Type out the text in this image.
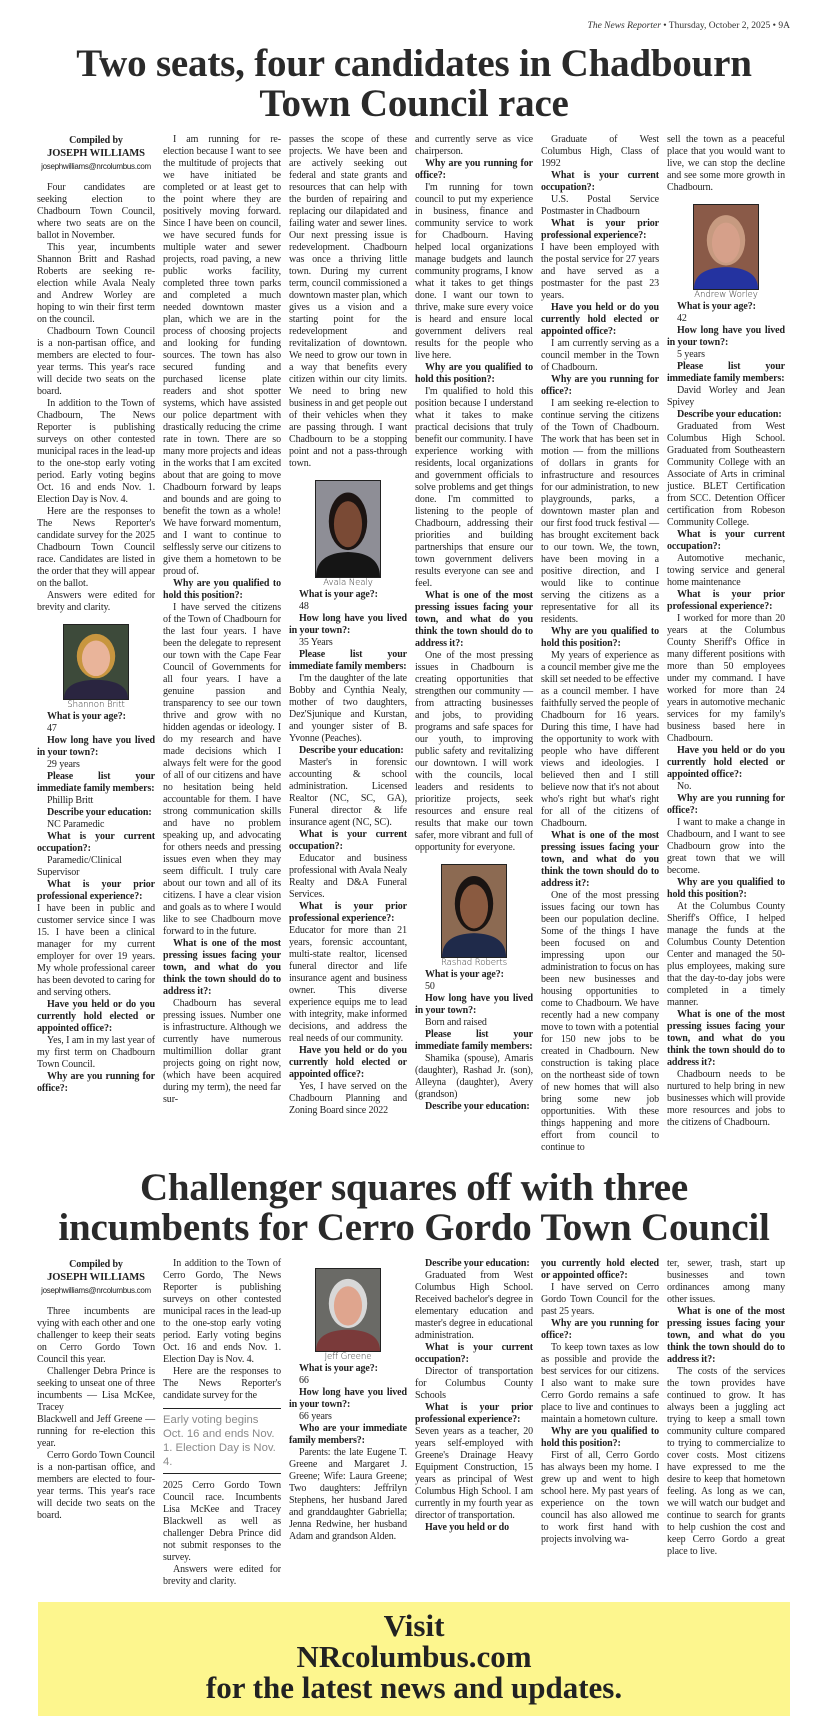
The News Reporter • Thursday, October 2, 2025 • 9A
Two seats, four candidates in Chadbourn
Town Council race
Compiled by
JOSEPH WILLIAMS
josephwilliams@nrcolumbus.com

Four candidates are seeking election to Chadbourn Town Council, where two seats are on the ballot in November.

This year, incumbents Shannon Britt and Rashad Roberts are seeking re-election while Avala Nealy and Andrew Worley are hoping to win their first term on the council.

Chadbourn Town Council is a non-partisan office, and members are elected to four-year terms. This year's race will decide two seats on the board.

In addition to the Town of Chadbourn, The News Reporter is publishing surveys on other contested municipal races in the lead-up to the one-stop early voting period. Early voting begins Oct. 16 and ends Nov. 1. Election Day is Nov. 4.

Here are the responses to The News Reporter's candidate survey for the 2025 Chadbourn Town Council race. Candidates are listed in the order that they will appear on the ballot.

Answers were edited for brevity and clarity.

Shannon Britt

What is your age?:

47

How long have you lived in your town?:

29 years

Please list your immediate family members:

Phillip Britt

Describe your education:

NC Paramedic

What is your current occupation?:

Paramedic/Clinical Supervisor

What is your prior professional experience?:

I have been in public and customer service since I was 15. I have been a clinical manager for my current employer for over 19 years. My whole professional career has been devoted to caring for and serving others.

Have you held or do you currently hold elected or appointed office?:

Yes, I am in my last year of my first term on Chadbourn Town Council.

Why are you running for office?:

I am running for re-election because I want to see the multitude of projects that we have initiated be completed or at least get to the point where they are positively moving forward. Since I have been on council, we have secured funds for multiple water and sewer projects, road paving, a new public works facility, completed three town parks and completed a much needed downtown master plan, which we are in the process of choosing projects and looking for funding sources. The town has also secured funding and purchased license plate readers and shot spotter systems, which have assisted our police department with drastically reducing the crime rate in town. There are so many more projects and ideas in the works that I am excited about that are going to move Chadbourn forward by leaps and bounds and are going to benefit the town as a whole! We have forward momentum, and I want to continue to selflessly serve our citizens to give them a hometown to be proud of.

Why are you qualified to hold this position?:

I have served the citizens of the Town of Chadbourn for the last four years. I have been the delegate to represent our town with the Cape Fear Council of Governments for all four years. I have a genuine passion and transparency to see our town thrive and grow with no hidden agendas or ideology. I do my research and have made decisions which I always felt were for the good of all of our citizens and have no hesitation being held accountable for them. I have strong communication skills and have no problem speaking up, and advocating for others needs and pressing issues even when they may seem difficult. I truly care about our town and all of its citizens. I have a clear vision and goals as to where I would like to see Chadbourn move forward to in the future.

What is one of the most pressing issues facing your town, and what do you think the town should do to address it?:

Chadbourn has several pressing issues. Number one is infrastructure. Although we currently have numerous multimillion dollar grant projects going on right now, (which have been acquired during my term), the need far sur-

passes the scope of these projects. We have been and are actively seeking out federal and state grants and resources that can help with the burden of repairing and replacing our dilapidated and failing water and sewer lines. Our next pressing issue is redevelopment. Chadbourn was once a thriving little town. During my current term, council commissioned a downtown master plan, which gives us a vision and a starting point for the redevelopment and revitalization of downtown. We need to grow our town in a way that benefits every citizen within our city limits. We need to bring new business in and get people out of their vehicles when they are passing through. I want Chadbourn to be a stopping point and not a pass-through town.

Avala Nealy

What is your age?:

48

How long have you lived in your town?:

35 Years

Please list your immediate family members:

I'm the daughter of the late Bobby and Cynthia Nealy, mother of two daughters, Dez'Sjunique and Kurstan, and younger sister of B. Yvonne (Peaches).

Describe your education:

Master's in forensic accounting & school administration. Licensed Realtor (NC, SC, GA), Funeral director & life insurance agent (NC, SC).

What is your current occupation?:

Educator and business professional with Avala Nealy Realty and D&A Funeral Services.

What is your prior professional experience?:

Educator for more than 21 years, forensic accountant, multi-state realtor, licensed funeral director and life insurance agent and business owner. This diverse experience equips me to lead with integrity, make informed decisions, and address the real needs of our community.

Have you held or do you currently hold elected or appointed office?:

Yes, I have served on the Chadbourn Planning and Zoning Board since 2022

and currently serve as vice chairperson.

Why are you running for office?:

I'm running for town council to put my experience in business, finance and community service to work for Chadbourn. Having helped local organizations manage budgets and launch community programs, I know what it takes to get things done. I want our town to thrive, make sure every voice is heard and ensure local government delivers real results for the people who live here.

Why are you qualified to hold this position?:

I'm qualified to hold this position because I understand what it takes to make practical decisions that truly benefit our community. I have experience working with residents, local organizations and government officials to solve problems and get things done. I'm committed to listening to the people of Chadbourn, addressing their priorities and building partnerships that ensure our town government delivers results everyone can see and feel.

What is one of the most pressing issues facing your town, and what do you think the town should do to address it?:

One of the most pressing issues in Chadbourn is creating opportunities that strengthen our community — from attracting businesses and jobs, to providing programs and safe spaces for our youth, to improving public safety and revitalizing our downtown. I will work with the councils, local leaders and residents to prioritize projects, seek resources and ensure real results that make our town safer, more vibrant and full of opportunity for everyone.

Rashad Roberts

What is your age?:

50

How long have you lived in your town?:

Born and raised

Please list your immediate family members:

Shamika (spouse), Amaris (daughter), Rashad Jr. (son), Alleyna (daughter), Avery (grandson)

Describe your education:

Graduate of West Columbus High, Class of 1992

What is your current occupation?:

U.S. Postal Service Postmaster in Chadbourn

What is your prior professional experience?:

I have been employed with the postal service for 27 years and have served as a postmaster for the past 23 years.

Have you held or do you currently hold elected or appointed office?:

I am currently serving as a council member in the Town of Chadbourn.

Why are you running for office?:

I am seeking re-election to continue serving the citizens of the Town of Chadbourn. The work that has been set in motion — from the millions of dollars in grants for infrastructure and resources for our administration, to new playgrounds, parks, a downtown master plan and our first food truck festival — has brought excitement back to our town. We, the town, have been moving in a positive direction, and I would like to continue serving the citizens as a representative for all its residents.

Why are you qualified to hold this position?:

My years of experience as a council member give me the skill set needed to be effective as a council member. I have faithfully served the people of Chadbourn for 16 years. During this time, I have had the opportunity to work with people who have different views and ideologies. I believed then and I still believe now that it's not about who's right but what's right for all of the citizens of Chadbourn.

What is one of the most pressing issues facing your town, and what do you think the town should do to address it?:

One of the most pressing issues facing our town has been our population decline. Some of the things I have been focused on and impressing upon our administration to focus on has been new businesses and housing opportunities to come to Chadbourn. We have recently had a new company move to town with a potential for 150 new jobs to be created in Chadbourn. New construction is taking place on the northeast side of town of new homes that will also bring some new job opportunities. With these things happening and more effort from council to continue to

sell the town as a peaceful place that you would want to live, we can stop the decline and see some more growth in Chadbourn.

Andrew Worley

What is your age?:

42

How long have you lived in your town?:

5 years

Please list your immediate family members:

David Worley and Jean Spivey

Describe your education:

Graduated from West Columbus High School. Graduated from Southeastern Community College with an Associate of Arts in criminal justice. BLET Certification from SCC. Detention Officer certification from Robeson Community College.

What is your current occupation?:

Automotive mechanic, towing service and general home maintenance

What is your prior professional experience?:

I worked for more than 20 years at the Columbus County Sheriff's Office in many different positions with more than 50 employees under my command. I have worked for more than 24 years in automotive mechanic services for my family's business based here in Chadbourn.

Have you held or do you currently hold elected or appointed office?:

No.

Why are you running for office?:

I want to make a change in Chadbourn, and I want to see Chadbourn grow into the great town that we will become.

Why are you qualified to hold this position?:

At the Columbus County Sheriff's Office, I helped manage the funds at the Columbus County Detention Center and managed the 50-plus employees, making sure that the day-to-day jobs were completed in a timely manner.

What is one of the most pressing issues facing your town, and what do you think the town should do to address it?:

Chadbourn needs to be nurtured to help bring in new businesses which will provide more resources and jobs to the citizens of Chadbourn.

Challenger squares off with three
incumbents for Cerro Gordo Town Council
Compiled by
JOSEPH WILLIAMS
josephwilliams@nrcolumbus.com

Three incumbents are vying with each other and one challenger to keep their seats on Cerro Gordo Town Council this year.

Challenger Debra Prince is seeking to unseat one of three incumbents — Lisa McKee, Tracey

Blackwell and Jeff Greene — running for re-election this year.

Cerro Gordo Town Council is a non-partisan office, and members are elected to four-year terms. This year's race will decide two seats on the board.

In addition to the Town of Cerro Gordo, The News Reporter is publishing surveys on other contested municipal races in the lead-up to the one-stop early voting period. Early voting begins Oct. 16 and ends Nov. 1. Election Day is Nov. 4.

Here are the responses to The News Reporter's candidate survey for the

Early voting begins Oct. 16 and ends Nov. 1. Election Day is Nov. 4.

2025 Cerro Gordo Town Council race. Incumbents Lisa McKee and Tracey Blackwell as well as challenger Debra Prince did not submit responses to the survey.

Answers were edited for brevity and clarity.

Jeff Greene

What is your age?:

66

How long have you lived in your town?:

66 years

Who are your immediate family members?:

Parents: the late Eugene T. Greene and Margaret J. Greene; Wife: Laura Greene; Two daughters: Jeffrilyn Stephens, her husband Jared and granddaughter Gabriella; Jenna Redwine, her husband Adam and grandson Alden.

Describe your education:

Graduated from West Columbus High School. Received bachelor's degree in elementary education and master's degree in educational administration.

What is your current occupation?:

Director of transportation for Columbus County Schools

What is your prior professional experience?:

Seven years as a teacher, 20 years self-employed with Greene's Drainage Heavy Equipment Construction, 15 years as principal of West Columbus High School. I am currently in my fourth year as director of transportation.

Have you held or do

you currently hold elected or appointed office?:

I have served on Cerro Gordo Town Council for the past 25 years.

Why are you running for office?:

To keep town taxes as low as possible and provide the best services for our citizens. I also want to make sure Cerro Gordo remains a safe place to live and continues to maintain a hometown culture.

Why are you qualified to hold this position?:

First of all, Cerro Gordo has always been my home. I grew up and went to high school here. My past years of experience on the town council has also allowed me to work first hand with projects involving wa-

ter, sewer, trash, start up businesses and town ordinances among many other issues.

What is one of the most pressing issues facing your town, and what do you think the town should do to address it?:

The costs of the services the town provides have continued to grow. It has always been a juggling act trying to keep a small town community culture compared to trying to commercialize to cover costs. Most citizens have expressed to me the desire to keep that hometown feeling. As long as we can, we will watch our budget and continue to search for grants to help cushion the cost and keep Cerro Gordo a great place to live.

Visit
NRcolumbus.com
for the latest news and updates.
